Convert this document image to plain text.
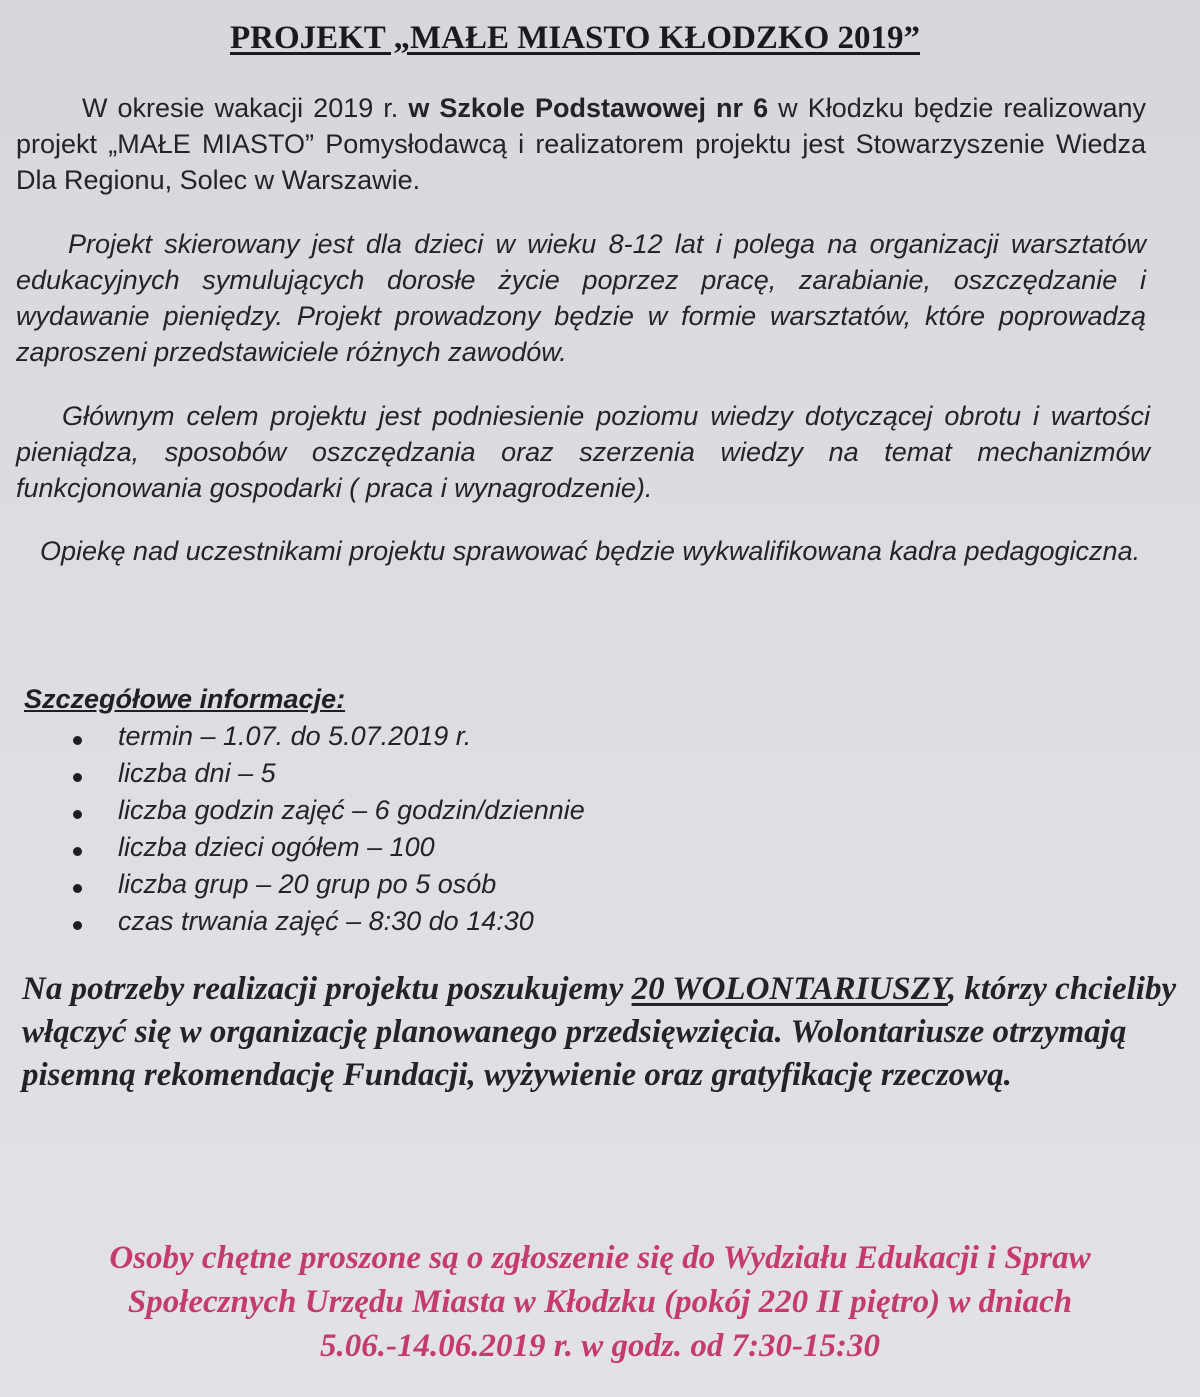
PROJEKT „MAŁE MIASTO KŁODZKO 2019”
W okresie wakacji 2019 r. w Szkole Podstawowej nr 6 w Kłodzku będzie realizowany projekt „MAŁE MIASTO” Pomysłodawcą i realizatorem projektu jest Stowarzyszenie Wiedza Dla Regionu, Solec w Warszawie.
Projekt skierowany jest dla dzieci w wieku 8-12 lat i polega na organizacji warsztatów edukacyjnych symulujących dorosłe życie poprzez pracę, zarabianie, oszczędzanie i wydawanie pieniędzy. Projekt prowadzony będzie w formie warsztatów, które poprowadzą zaproszeni przedstawiciele różnych zawodów.
Głównym celem projektu jest podniesienie poziomu wiedzy dotyczącej obrotu i wartości pieniądza, sposobów oszczędzania oraz szerzenia wiedzy na temat mechanizmów funkcjonowania gospodarki ( praca i wynagrodzenie).
Opiekę nad uczestnikami projektu sprawować będzie wykwalifikowana kadra pedagogiczna.
Szczegółowe informacje:
termin – 1.07. do 5.07.2019 r.
liczba dni – 5
liczba godzin zajęć – 6 godzin/dziennie
liczba dzieci ogółem – 100
liczba grup – 20 grup po 5 osób
czas trwania zajęć – 8:30 do 14:30
Na potrzeby realizacji projektu poszukujemy 20 WOLONTARIUSZY, którzy chcieliby włączyć się w organizację planowanego przedsięwzięcia. Wolontariusze otrzymają pisemną rekomendację Fundacji, wyżywienie oraz gratyfikację rzeczową.
Osoby chętne proszone są o zgłoszenie się do Wydziału Edukacji i Spraw
Społecznych Urzędu Miasta w Kłodzku (pokój 220 II piętro) w dniach
5.06.-14.06.2019 r. w godz. od 7:30-15:30
